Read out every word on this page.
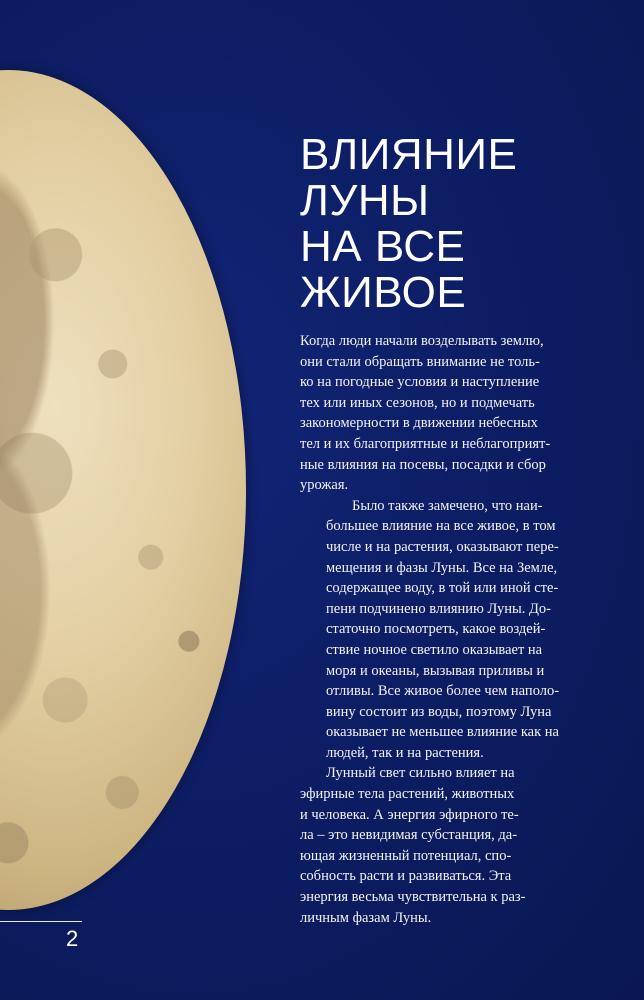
ВЛИЯНИЕ
ЛУНЫ
НА ВСЕ
ЖИВОЕ

Когда люди начали возделывать землю,
они стали обращать внимание не толь-
ко на погодные условия и наступление
тех или иных сезонов, но и подмечать
закономерности в движении небесных
тел и их благоприятные и неблагоприят-
ные влияния на посевы, посадки и сбор
урожая.

Было также замечено, что наи-
большее влияние на все живое, в том
числе и на растения, оказывают пере-
мещения и фазы Луны. Все на Земле,
содержащее воду, в той или иной сте-
пени подчинено влиянию Луны. До-
статочно посмотреть, какое воздей-
ствие ночное светило оказывает на
моря и океаны, вызывая приливы и
отливы. Все живое более чем наполо-
вину состоит из воды, поэтому Луна
оказывает не меньшее влияние как на
людей, так и на растения.

Лунный свет сильно влияет на
эфирные тела растений, животных
и человека. А энергия эфирного те-
ла – это невидимая субстанция, да-
ющая жизненный потенциал, спо-
собность расти и развиваться. Эта
энергия весьма чувствительна к раз-
личным фазам Луны.

2
